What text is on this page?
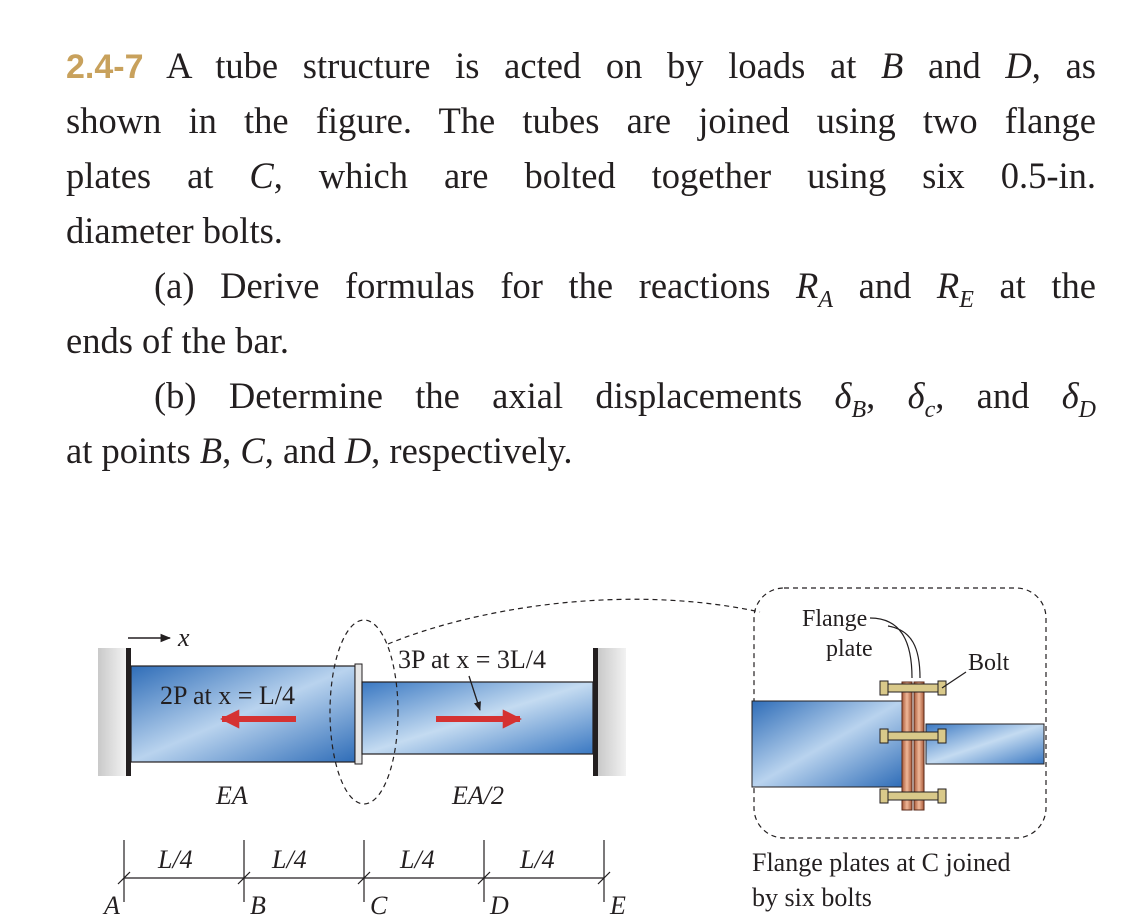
2.4-7 A tube structure is acted on by loads at B and D, as
shown in the figure. The tubes are joined using two flange
plates at C, which are bolted together using six 0.5-in.
diameter bolts.
(a) Derive formulas for the reactions $R_A$ and $R_E$ at the
ends of the bar.
(b) Determine the axial displacements $\delta_B$, $\delta_c$, and $\delta_D$
at points B, C, and D, respectively.
x
2P at x = L/4
3P at x = 3L/4
EA	EA/2
L/4	L/4	L/4	L/4
A	B	C	D	E
Flange
plate
Bolt
Flange plates at C joined
by six bolts
